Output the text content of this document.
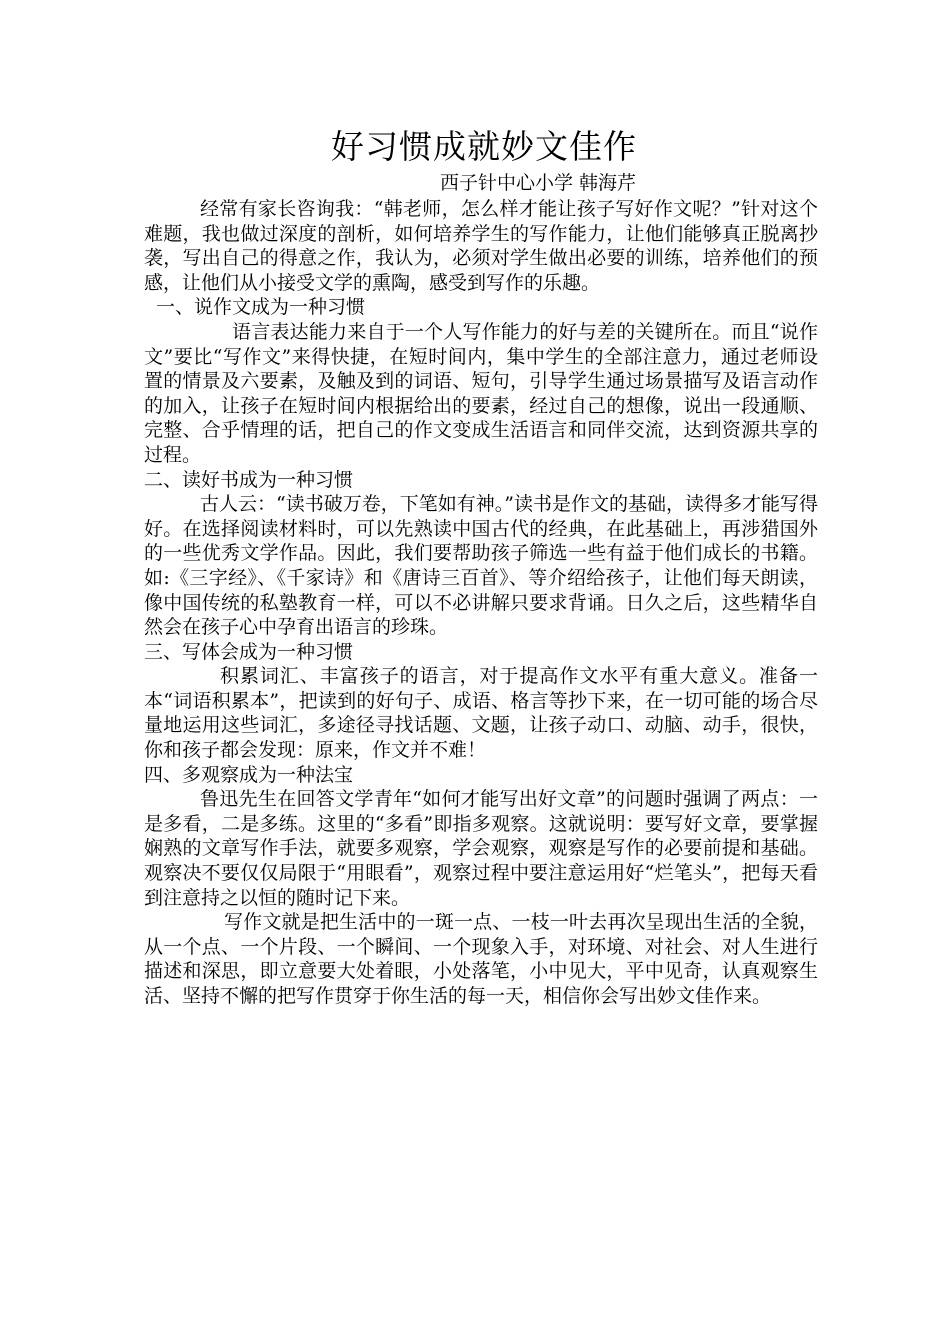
好习惯成就妙文佳作

西子针中心小学 韩海芹

经常有家长咨询我：“韩老师，怎么样才能让孩子写好作文呢？”针对这个难题，我也做过深度的剖析，如何培养学生的写作能力，让他们能够真正脱离抄袭，写出自己的得意之作，我认为，必须对学生做出必要的训练，培养他们的预感，让他们从小接受文学的熏陶，感受到写作的乐趣。

一、说作文成为一种习惯

语言表达能力来自于一个人写作能力的好与差的关键所在。而且“说作文”要比“写作文”来得快捷，在短时间内，集中学生的全部注意力，通过老师设置的情景及六要素，及触及到的词语、短句，引导学生通过场景描写及语言动作的加入，让孩子在短时间内根据给出的要素，经过自己的想像，说出一段通顺、完整、合乎情理的话，把自己的作文变成生活语言和同伴交流，达到资源共享的过程。

二、读好书成为一种习惯

古人云：“读书破万卷，下笔如有神。”读书是作文的基础，读得多才能写得好。在选择阅读材料时，可以先熟读中国古代的经典，在此基础上，再涉猎国外的一些优秀文学作品。因此，我们要帮助孩子筛选一些有益于他们成长的书籍。如:《三字经》、《千家诗》和《唐诗三百首》、等介绍给孩子，让他们每天朗读，像中国传统的私塾教育一样，可以不必讲解只要求背诵。日久之后，这些精华自然会在孩子心中孕育出语言的珍珠。

三、写体会成为一种习惯

积累词汇、丰富孩子的语言，对于提高作文水平有重大意义。准备一本“词语积累本”，把读到的好句子、成语、格言等抄下来，在一切可能的场合尽量地运用这些词汇，多途径寻找话题、文题，让孩子动口、动脑、动手，很快，你和孩子都会发现：原来，作文并不难！

四、多观察成为一种法宝

鲁迅先生在回答文学青年“如何才能写出好文章”的问题时强调了两点：一是多看，二是多练。这里的“多看”即指多观察。这就说明：要写好文章，要掌握娴熟的文章写作手法，就要多观察，学会观察，观察是写作的必要前提和基础。 观察决不要仅仅局限于“用眼看”，观察过程中要注意运用好“烂笔头”，把每天看到注意持之以恒的随时记下来。

写作文就是把生活中的一斑一点、一枝一叶去再次呈现出生活的全貌，从一个点、一个片段、一个瞬间、一个现象入手，对环境、对社会、对人生进行描述和深思，即立意要大处着眼，小处落笔，小中见大，平中见奇，认真观察生活、坚持不懈的把写作贯穿于你生活的每一天，相信你会写出妙文佳作来。
